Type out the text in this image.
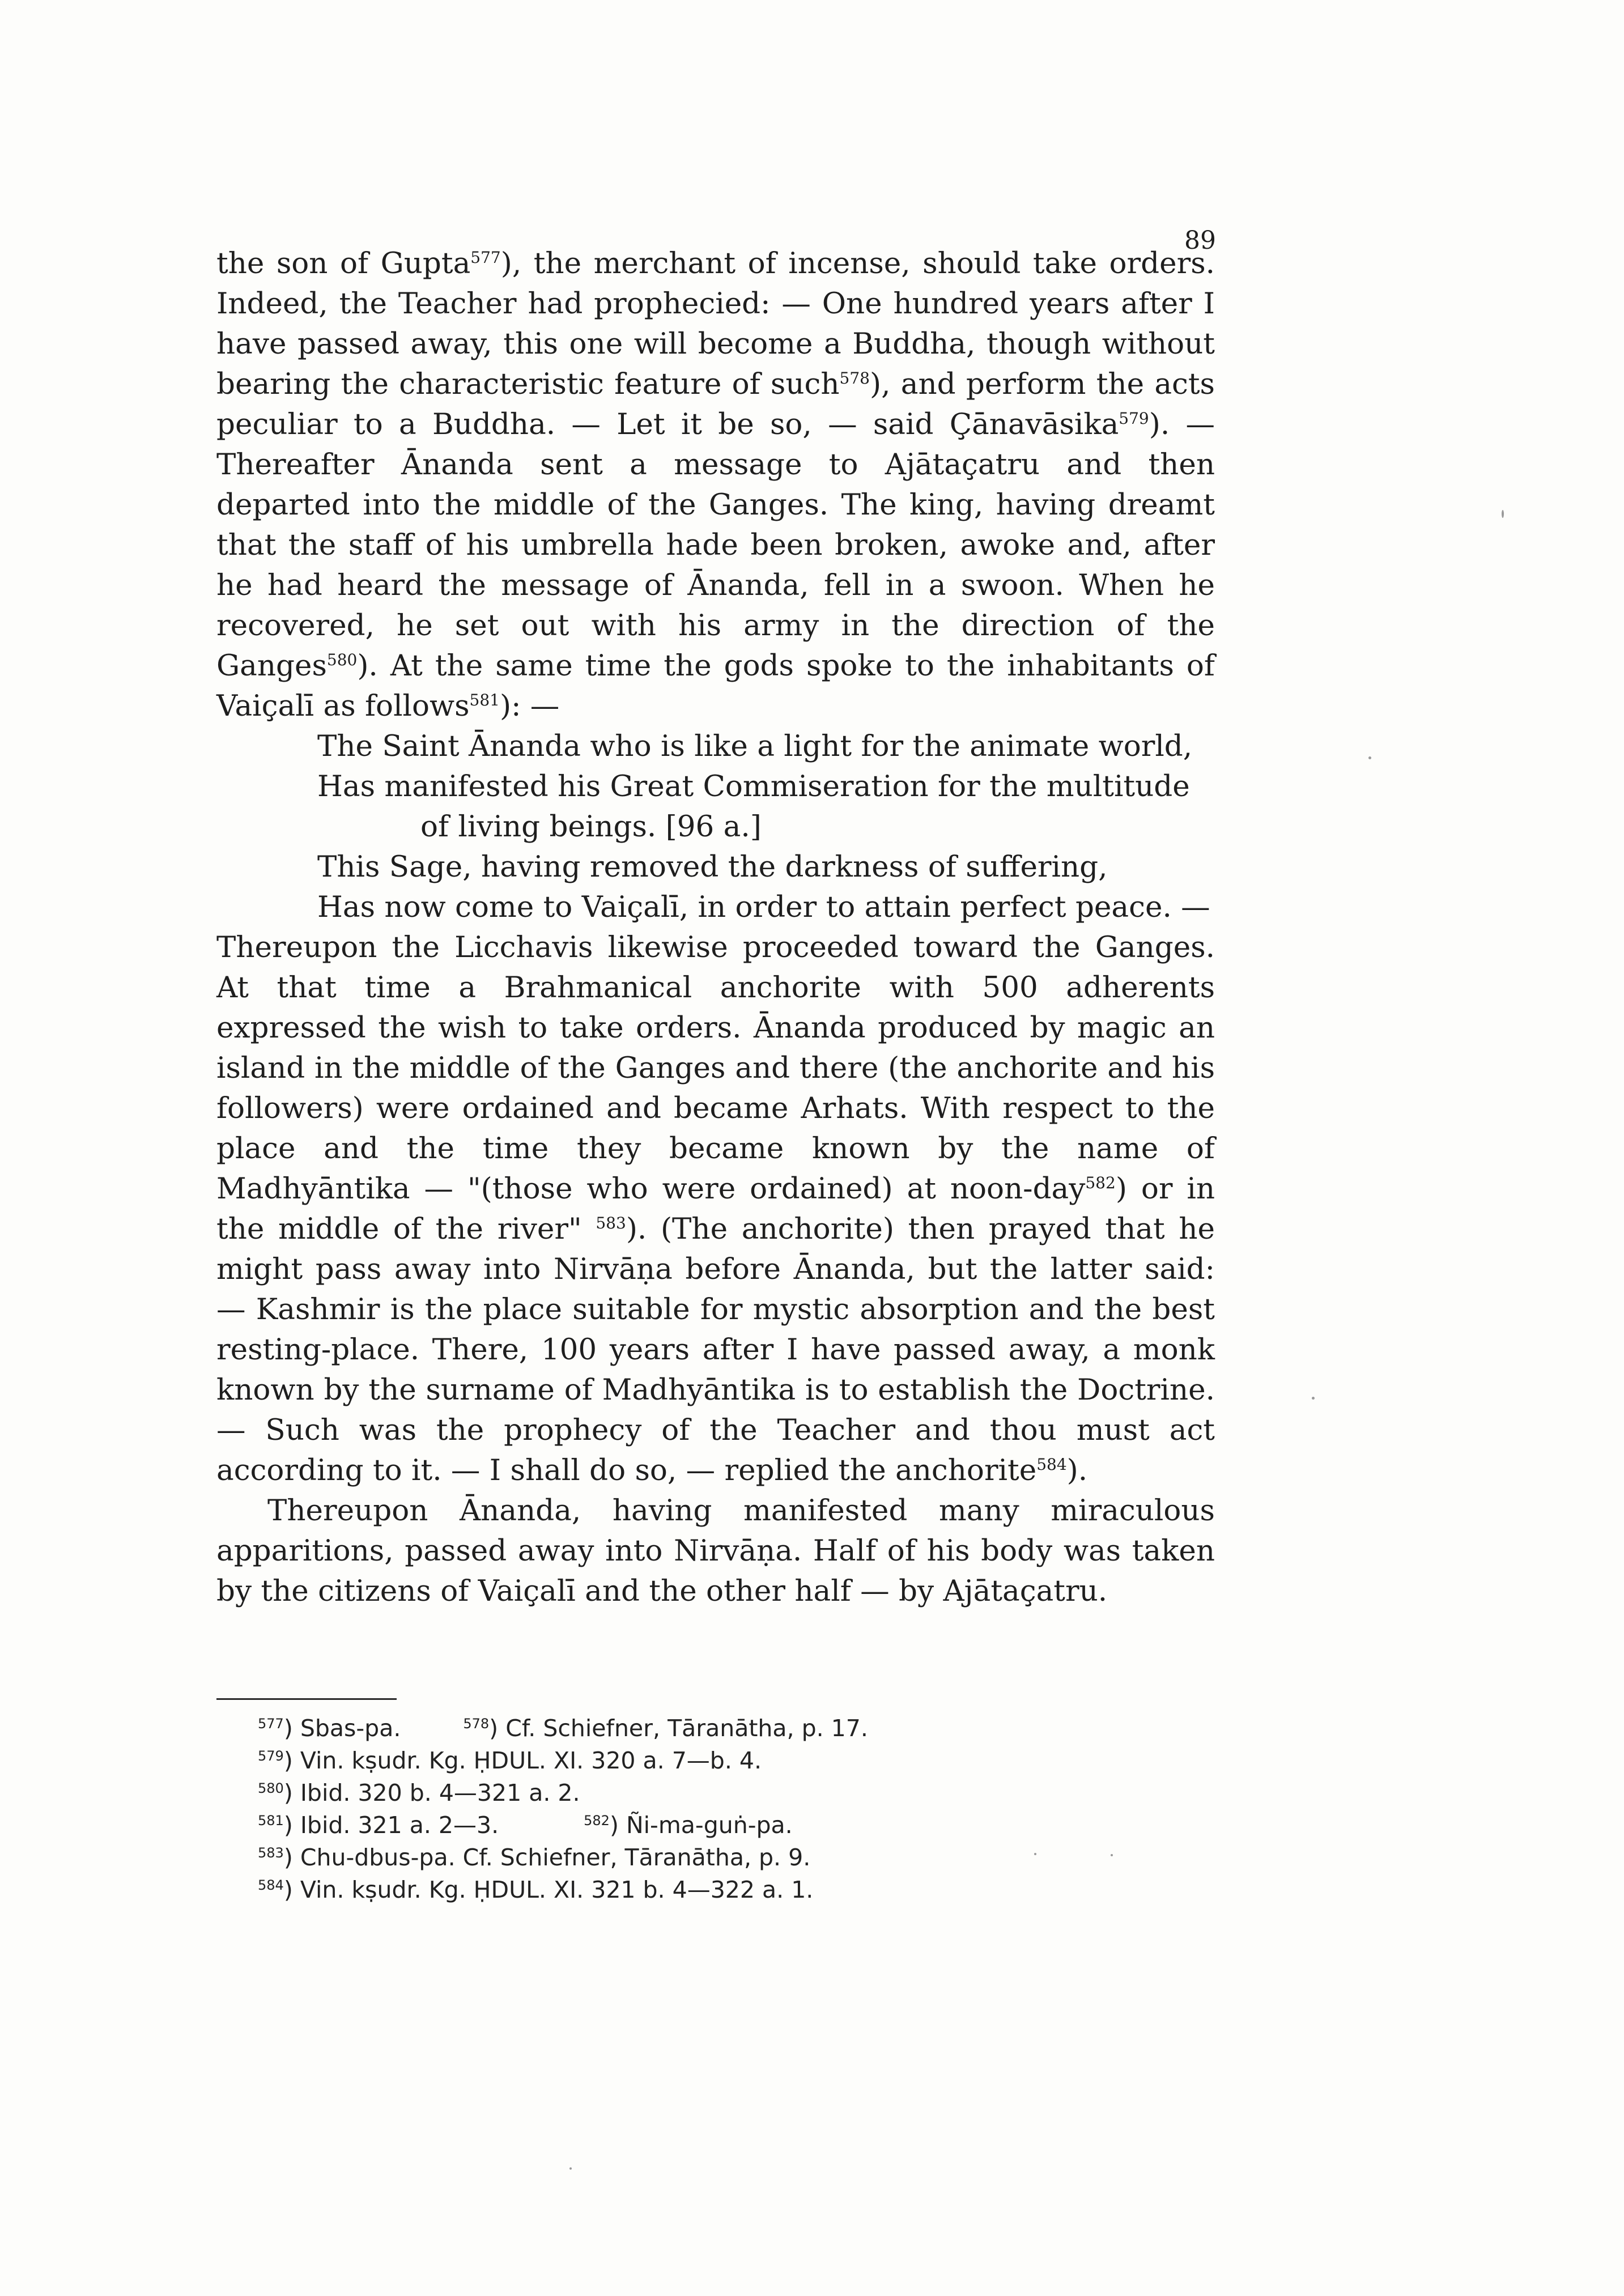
89

the son of Gupta$^{577}$), the merchant of incense, should take orders. Indeed, the Teacher had prophecied: — One hundred years after I have passed away, this one will become a Buddha, though without bearing the characteristic feature of such$^{578}$), and perform the acts peculiar to a Buddha. — Let it be so, — said Çānavāsika$^{579}$). — Thereafter Ānanda sent a message to Ajātaçatru and then departed into the middle of the Ganges. The king, having dreamt that the staff of his umbrella hade been broken, awoke and, after he had heard the message of Ānanda, fell in a swoon. When he recovered, he set out with his army in the direction of the Ganges$^{580}$). At the same time the gods spoke to the inhabitants of Vaiçalī as follows$^{581}$): —

The Saint Ānanda who is like a light for the animate world,
Has manifested his Great Commiseration for the multitude
of living beings. [96 a.]
This Sage, having removed the darkness of suffering,
Has now come to Vaiçalī, in order to attain perfect peace. —

Thereupon the Licchavis likewise proceeded toward the Ganges. At that time a Brahmanical anchorite with 500 adherents expressed the wish to take orders. Ānanda produced by magic an island in the middle of the Ganges and there (the anchorite and his followers) were ordained and became Arhats. With respect to the place and the time they became known by the name of Madhyāntika — "(those who were ordained) at noon-day$^{582}$) or in the middle of the river" $^{583}$). (The anchorite) then prayed that he might pass away into Nirvāṇa before Ānanda, but the latter said: — Kashmir is the place suitable for mystic absorption and the best resting-place. There, 100 years after I have passed away, a monk known by the surname of Madhyāntika is to establish the Doctrine. — Such was the prophecy of the Teacher and thou must act according to it. — I shall do so, — replied the anchorite$^{584}$).

Thereupon Ānanda, having manifested many miraculous apparitions, passed away into Nirvāṇa. Half of his body was taken by the citizens of Vaiçalī and the other half — by Ajātaçatru.

$^{577}$) Sbas-pa.	$^{578}$) Cf. Schiefner, Tāranātha, p. 17.
$^{579}$) Vin. kṣudr. Kg. ḤDUL. XI. 320 a. 7—b. 4.
$^{580}$) Ibid. 320 b. 4—321 a. 2.
$^{581}$) Ibid. 321 a. 2—3.	$^{582}$) Ñi-ma-guṅ-pa.
$^{583}$) Chu-dbus-pa. Cf. Schiefner, Tāranātha, p. 9.
$^{584}$) Vin. kṣudr. Kg. ḤDUL. XI. 321 b. 4—322 a. 1.
